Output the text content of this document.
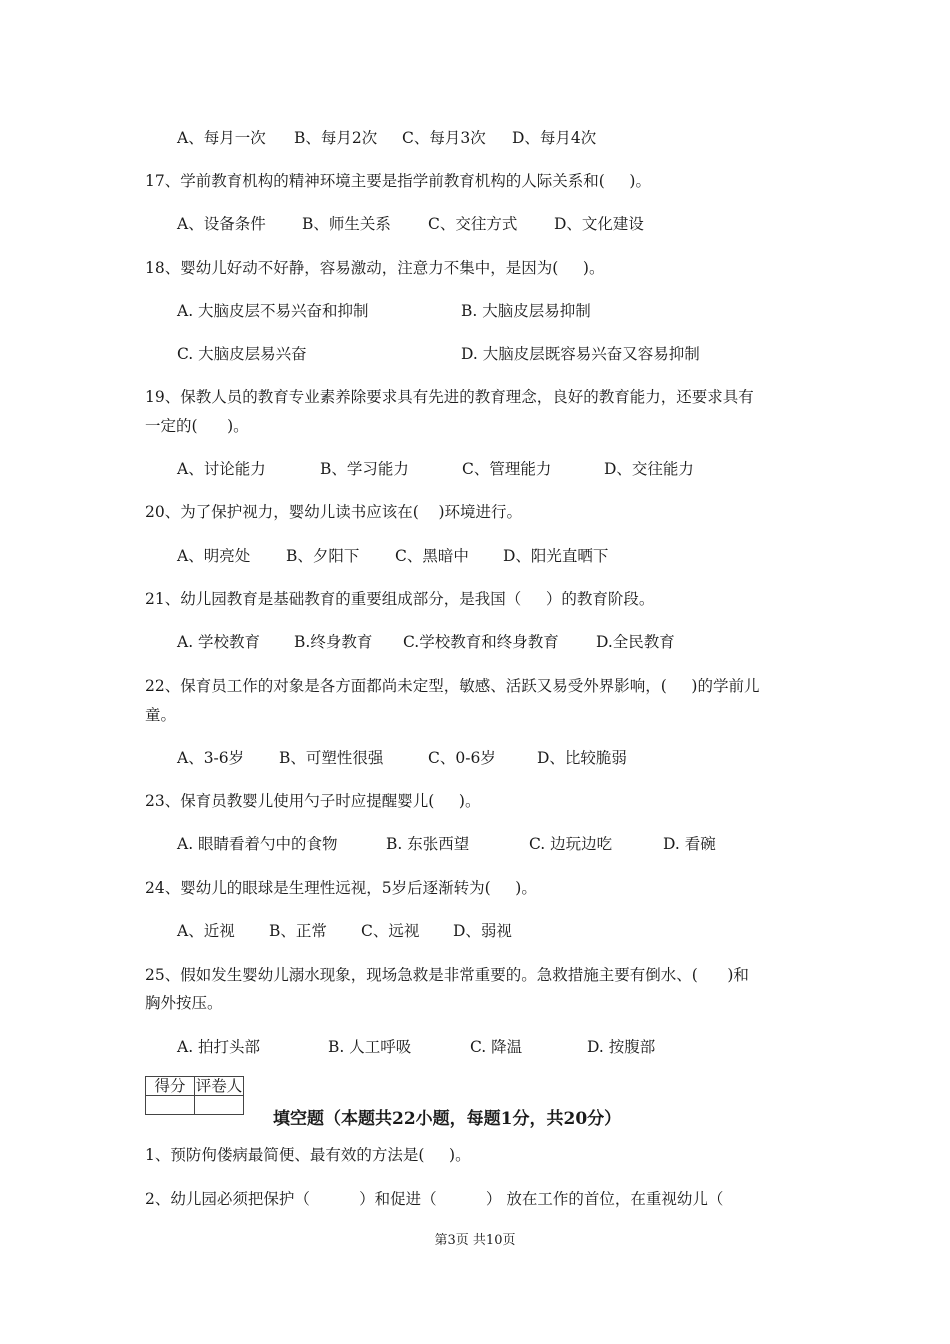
A、每月一次 B、每月2次 C、每月3次 D、每月4次
17、学前教育机构的精神环境主要是指学前教育机构的人际关系和(     )。
A、设备条件 B、师生关系 C、交往方式 D、文化建设
18、婴幼儿好动不好静，容易激动，注意力不集中，是因为(     )。
A. 大脑皮层不易兴奋和抑制	B. 大脑皮层易抑制
C. 大脑皮层易兴奋	D. 大脑皮层既容易兴奋又容易抑制
19、保教人员的教育专业素养除要求具有先进的教育理念，良好的教育能力，还要求具有
一定的(      )。
A、讨论能力	B、学习能力	C、管理能力	D、交往能力
20、为了保护视力，婴幼儿读书应该在(    )环境进行。
A、明亮处 B、夕阳下 C、黑暗中 D、阳光直晒下
21、幼儿园教育是基础教育的重要组成部分，是我国（     ）的教育阶段。
A. 学校教育 B.终身教育 C.学校教育和终身教育 D.全民教育
22、保育员工作的对象是各方面都尚未定型，敏感、活跃又易受外界影响，(     )的学前儿
童。
A、3-6岁 B、可塑性很强	C、0-6岁	D、比较脆弱
23、保育员教婴儿使用勺子时应提醒婴儿(     )。
A. 眼睛看着勺中的食物	B. 东张西望	C. 边玩边吃	D. 看碗
24、婴幼儿的眼球是生理性远视，5岁后逐渐转为(     )。
A、近视 B、正常 C、远视 D、弱视
25、假如发生婴幼儿溺水现象，现场急救是非常重要的。急救措施主要有倒水、(      )和
胸外按压。
A. 拍打头部	B. 人工呼吸	C. 降温	D. 按腹部
1、预防佝偻病最简便、最有效的方法是(     )。
2、幼儿园必须把保护（          ）和促进（          ） 放在工作的首位，在重视幼儿（
得分	评卷人

填空题（本题共22小题，每题1分，共20分）
第3页 共10页
